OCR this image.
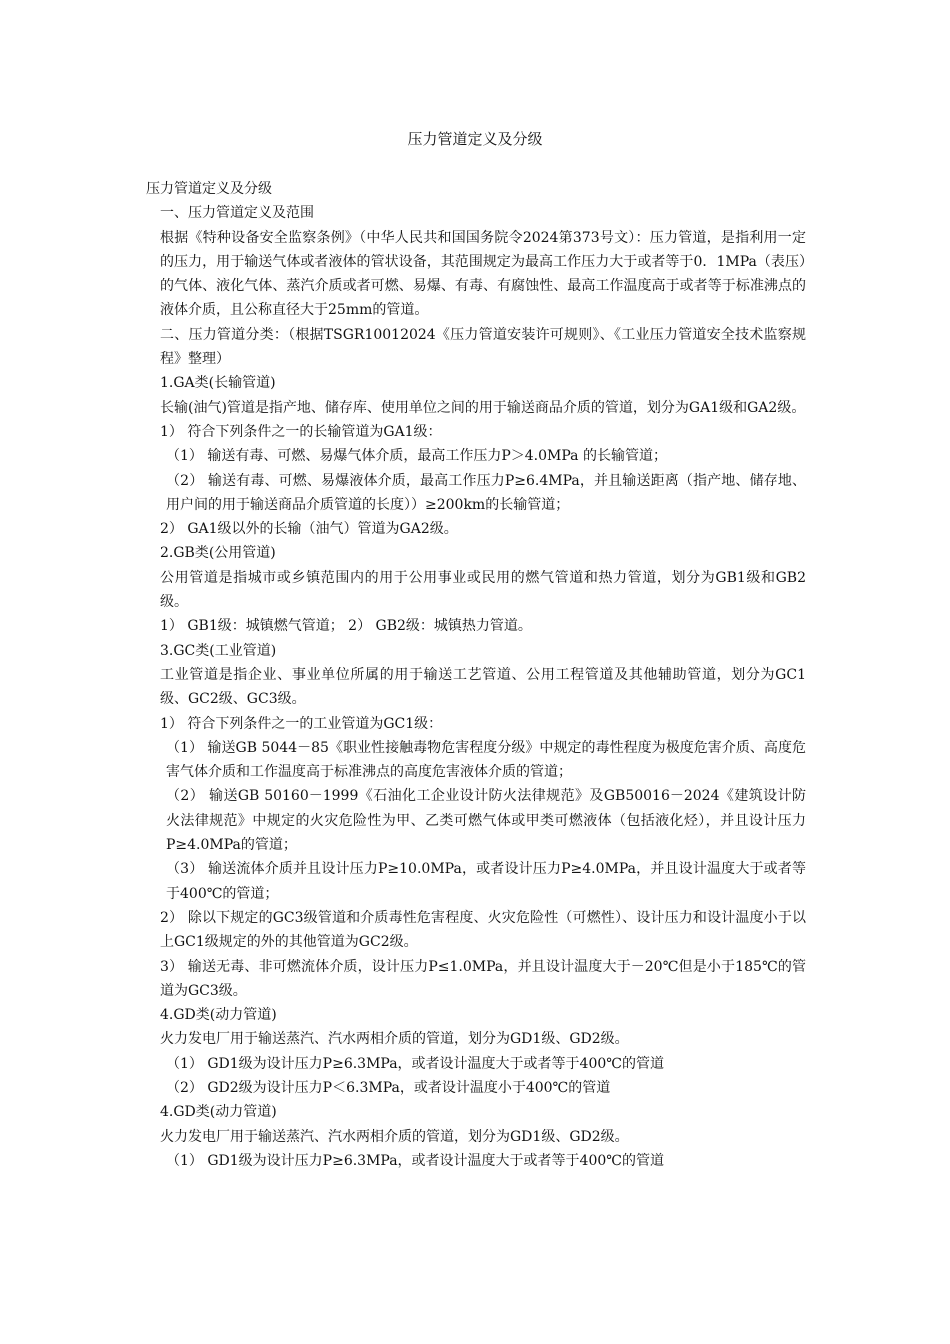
压力管道定义及分级

压力管道定义及分级

一、压力管道定义及范围

根据《特种设备安全监察条例》（中华人民共和国国务院令2024第373号文）：压力管道，是指利用一定的压力，用于输送气体或者液体的管状设备，其范围规定为最高工作压力大于或者等于0．1MPa（表压）的气体、液化气体、蒸汽介质或者可燃、易爆、有毒、有腐蚀性、最高工作温度高于或者等于标准沸点的液体介质，且公称直径大于25mm的管道。

二、压力管道分类：（根据TSGR10012024《压力管道安装许可规则》、《工业压力管道安全技术监察规程》整理）

1.GA类(长输管道)

长输(油气)管道是指产地、储存库、使用单位之间的用于输送商品介质的管道，划分为GA1级和GA2级。

1） 符合下列条件之一的长输管道为GA1级：

（1） 输送有毒、可燃、易爆气体介质，最高工作压力P＞4.0MPa 的长输管道；

（2） 输送有毒、可燃、易爆液体介质，最高工作压力P≥6.4MPa，并且输送距离（指产地、储存地、用户间的用于输送商品介质管道的长度））≥200km的长输管道；

2） GA1级以外的长输（油气）管道为GA2级。

2.GB类(公用管道)

公用管道是指城市或乡镇范围内的用于公用事业或民用的燃气管道和热力管道，划分为GB1级和GB2级。

1） GB1级：城镇燃气管道； 2） GB2级：城镇热力管道。

3.GC类(工业管道)

工业管道是指企业、事业单位所属的用于输送工艺管道、公用工程管道及其他辅助管道，划分为GC1级、GC2级、GC3级。

1） 符合下列条件之一的工业管道为GC1级：

（1） 输送GB 5044－85《职业性接触毒物危害程度分级》中规定的毒性程度为极度危害介质、高度危害气体介质和工作温度高于标准沸点的高度危害液体介质的管道；

（2） 输送GB 50160－1999《石油化工企业设计防火法律规范》及GB50016－2024《建筑设计防火法律规范》中规定的火灾危险性为甲、乙类可燃气体或甲类可燃液体（包括液化烃），并且设计压力P≥4.0MPa的管道；

（3） 输送流体介质并且设计压力P≥10.0MPa，或者设计压力P≥4.0MPa，并且设计温度大于或者等于400℃的管道；

2） 除以下规定的GC3级管道和介质毒性危害程度、火灾危险性（可燃性）、设计压力和设计温度小于以上GC1级规定的外的其他管道为GC2级。

3） 输送无毒、非可燃流体介质，设计压力P≤1.0MPa，并且设计温度大于－20℃但是小于185℃的管道为GC3级。

4.GD类(动力管道)

火力发电厂用于输送蒸汽、汽水两相介质的管道，划分为GD1级、GD2级。

（1） GD1级为设计压力P≥6.3MPa，或者设计温度大于或者等于400℃的管道

（2） GD2级为设计压力P＜6.3MPa，或者设计温度小于400℃的管道

4.GD类(动力管道)

火力发电厂用于输送蒸汽、汽水两相介质的管道，划分为GD1级、GD2级。

（1） GD1级为设计压力P≥6.3MPa，或者设计温度大于或者等于400℃的管道
